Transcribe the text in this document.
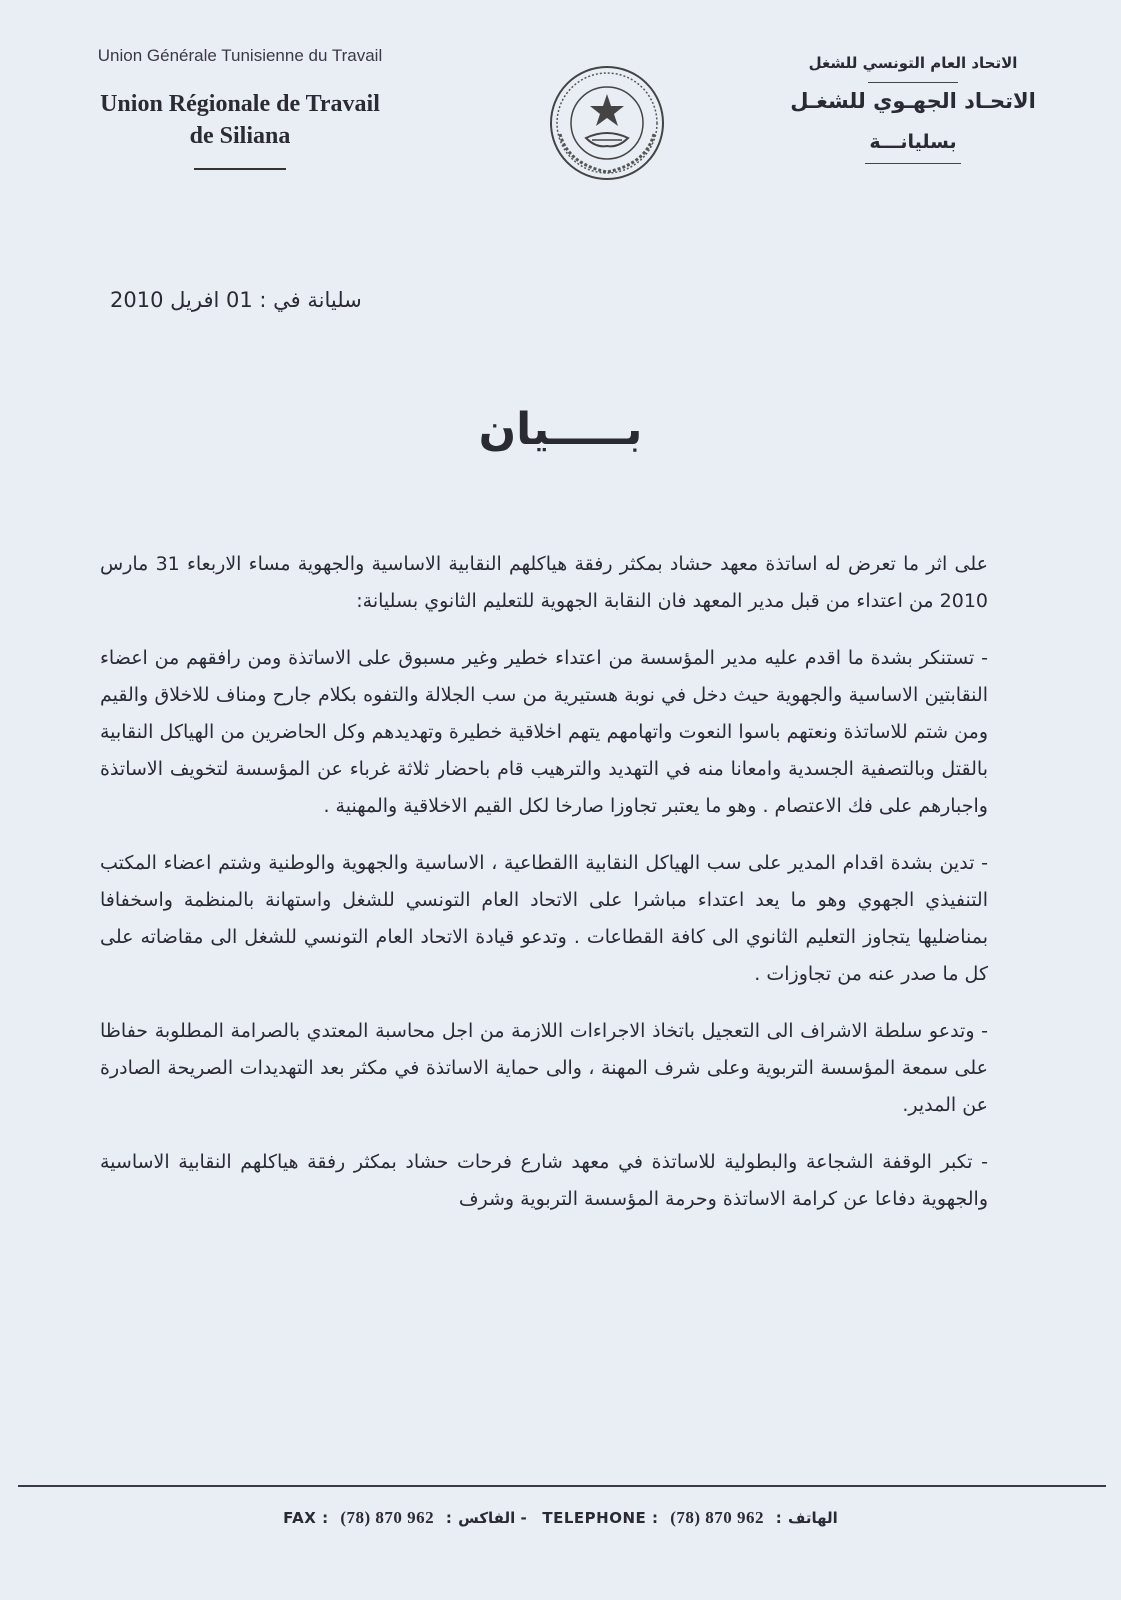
Union Générale Tunisienne du Travail
Union Régionale de Travail
de Siliana
الاتحاد العام التونسي للشغل
الاتحـاد الجهـوي للشغـل
بسليانـــة
سليانة في : 01 افريل 2010
بـــــيان

على اثر ما تعرض له اساتذة معهد حشاد بمكثر رفقة هياكلهم النقابية الاساسية والجهوية مساء الاربعاء 31 مارس 2010 من اعتداء من قبل مدير المعهد فان النقابة الجهوية للتعليم الثانوي بسليانة:

- تستنكر بشدة ما اقدم عليه مدير المؤسسة من اعتداء خطير وغير مسبوق على الاساتذة ومن رافقهم من اعضاء النقابتين الاساسية والجهوية حيث دخل في نوبة هستيرية من سب الجلالة والتفوه بكلام جارح ومناف للاخلاق والقيم ومن شتم للاساتذة ونعتهم باسوا النعوت واتهامهم يتهم اخلاقية خطيرة وتهديدهم وكل الحاضرين من الهياكل النقابية بالقتل وبالتصفية الجسدية وامعانا منه في التهديد والترهيب قام باحضار ثلاثة غرباء عن المؤسسة لتخويف الاساتذة واجبارهم على فك الاعتصام . وهو ما يعتبر تجاوزا صارخا لكل القيم الاخلاقية والمهنية .

- تدين بشدة اقدام المدير على سب الهياكل النقابية االقطاعية ، الاساسية والجهوية والوطنية وشتم اعضاء المكتب التنفيذي الجهوي وهو ما يعد اعتداء مباشرا على الاتحاد العام التونسي للشغل واستهانة بالمنظمة واسخفافا بمناضليها يتجاوز التعليم الثانوي الى كافة القطاعات . وتدعو قيادة الاتحاد العام التونسي للشغل الى مقاضاته على كل ما صدر عنه من تجاوزات .

- وتدعو سلطة الاشراف الى التعجيل باتخاذ الاجراءات اللازمة من اجل محاسبة المعتدي بالصرامة المطلوبة حفاظا على سمعة المؤسسة التربوية وعلى شرف المهنة ، والى حماية الاساتذة في مكثر بعد التهديدات الصريحة الصادرة عن المدير.

- تكبر الوقفة الشجاعة والبطولية للاساتذة في معهد شارع فرحات حشاد بمكثر رفقة هياكلهم النقابية الاساسية والجهوية دفاعا عن كرامة الاساتذة وحرمة المؤسسة التربوية وشرف

FAX : (78) 870 962 : الفاكس - TELEPHONE : (78) 870 962 : الهاتف
